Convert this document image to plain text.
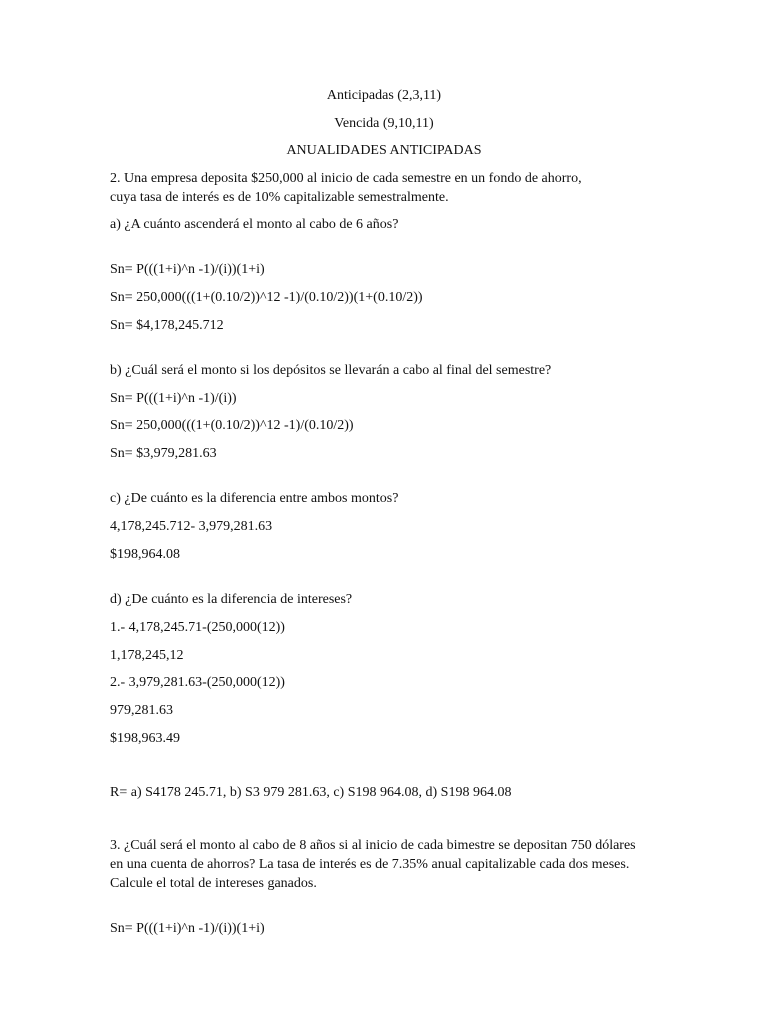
Anticipadas (2,3,11)
Vencida (9,10,11)
ANUALIDADES ANTICIPADAS
2. Una empresa deposita $250,000 al inicio de cada semestre en un fondo de ahorro, cuya tasa de interés es de 10% capitalizable semestralmente.
a) ¿A cuánto ascenderá el monto al cabo de 6 años?
Sn= P(((1+i)^n -1)/(i))(1+i)
Sn= 250,000(((1+(0.10/2))^12 -1)/(0.10/2))(1+(0.10/2))
Sn= $4,178,245.712
b) ¿Cuál será el monto si los depósitos se llevarán a cabo al final del semestre?
Sn= P(((1+i)^n -1)/(i))
Sn= 250,000(((1+(0.10/2))^12 -1)/(0.10/2))
Sn= $3,979,281.63
c) ¿De cuánto es la diferencia entre ambos montos?
4,178,245.712- 3,979,281.63
$198,964.08
d) ¿De cuánto es la diferencia de intereses?
1.- 4,178,245.71-(250,000(12))
1,178,245,12
2.- 3,979,281.63-(250,000(12))
979,281.63
$198,963.49
R= a) S4178 245.71, b) S3 979 281.63, c) S198 964.08, d) S198 964.08
3. ¿Cuál será el monto al cabo de 8 años si al inicio de cada bimestre se depositan 750 dólares en una cuenta de ahorros? La tasa de interés es de 7.35% anual capitalizable cada dos meses. Calcule el total de intereses ganados.
Sn= P(((1+i)^n -1)/(i))(1+i)
